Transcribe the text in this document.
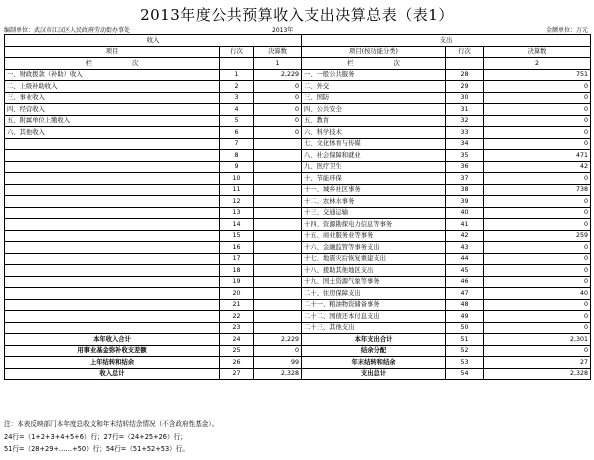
2013年度公共预算收入支出决算总表（表1）
编制单位：武汉市江汉区人民政府劳动街办事处	2013年	金额单位：万元
收入			支出		
项目	行次	决算数	项目(按功能分类)	行次	决算数
栏 次		1	栏 次		2
一、财政拨款（补助）收入	1	2,229	一、一般公共服务	28	751
二、上级补助收入	2	0	二、外交	29	0
三、事业收入	3	0	三、国防	30	0
四、经营收入	4	0	四、公共安全	31	0
五、附属单位上缴收入	5	0	五、教育	32	0
六、其他收入	6	0	六、科学技术	33	0
	7		七、文化体育与传媒	34	0
	8		八、社会保障和就业	35	471
	9		九、医疗卫生	36	42
	10		十、节能环保	37	0
	11		十一、城乡社区事务	38	738
	12		十二、农林水事务	39	0
	13		十三、交通运输	40	0
	14		十四、资源勘探电力信息等事务	41	0
	15		十五、商业服务业等事务	42	259
	16		十六、金融监管等事务支出	43	0
	17		十七、地震灾后恢复重建支出	44	0
	18		十八、援助其他地区支出	45	0
	19		十九、国土资源气象等事务	46	0
	20		二十、住房保障支出	47	40
	21		二十一、粮油物资储备事务	48	0
	22		二十二、国债还本付息支出	49	0
	23		二十三、其他支出	50	0
本年收入合计	24	2,229	本年支出合计	51	2,301
用事业基金弥补收支差额	25	0	结余分配	52	0
上年结转和结余	26	99	年末结转和结余	53	27
收入总计	27	2,328	支出总计	54	2,328
注：本表反映部门本年度总收支和年末结转结余情况（不含政府性基金）。
24行=（1+2+3+4+5+6）行；27行=（24+25+26）行；
51行=（28+29+……+50）行；54行=（51+52+53）行。
